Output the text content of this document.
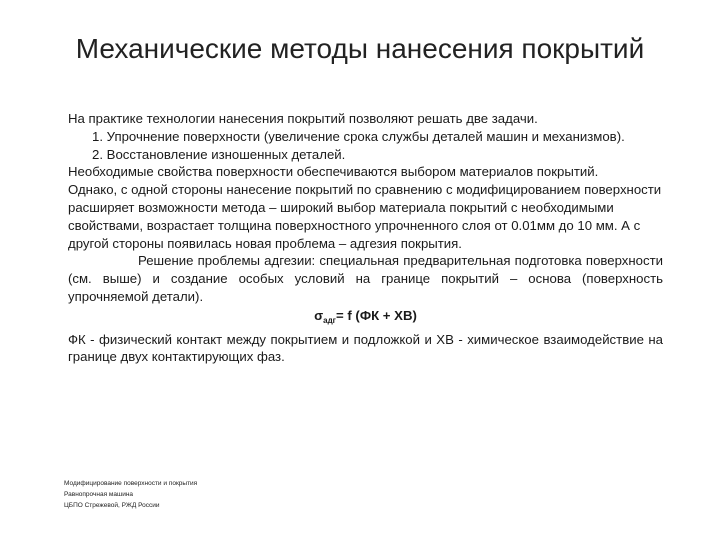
Механические методы нанесения покрытий

На практике технологии нанесения покрытий позволяют решать две задачи.

1. Упрочнение поверхности (увеличение срока службы деталей машин и механизмов).

2. Восстановление изношенных деталей.

Необходимые свойства поверхности обеспечиваются выбором материалов покрытий.

Однако, с одной стороны нанесение покрытий по сравнению с модифицированием поверхности расширяет возможности метода – широкий выбор материала покрытий с необходимыми свойствами, возрастает толщина поверхностного упрочненного слоя от 0.01мм до 10 мм. А с другой стороны появилась новая проблема – адгезия покрытия.

Решение проблемы адгезии: специальная предварительная подготовка поверхности (см. выше) и создание особых условий на границе покрытий – основа (поверхность упрочняемой детали).

$\sigma_{адг}= f$ (ФК + ХВ)

ФК - физический контакт между покрытием и подложкой и ХВ - химическое взаимодействие на границе двух контактирующих фаз.

Модифицирование поверхности и покрытия
Равнопрочная машина
ЦБПО Стрежевой, РЖД России
